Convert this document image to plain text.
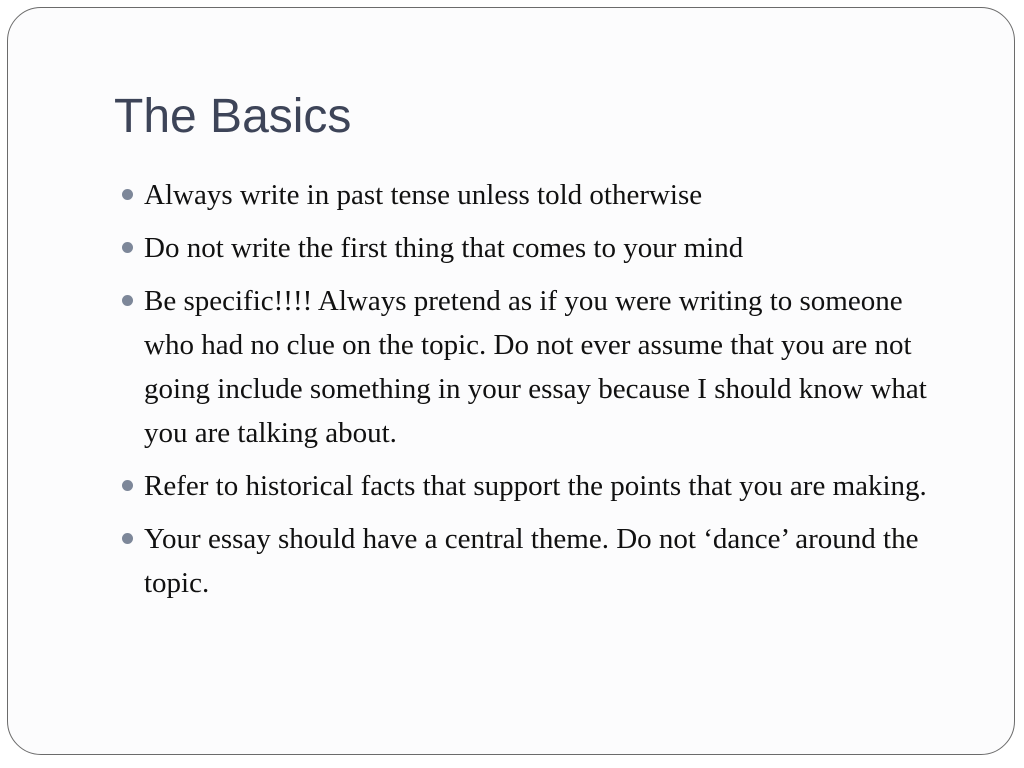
The Basics
Always write in past tense unless told otherwise
Do not write the first thing that comes to your mind
Be specific!!!! Always pretend as if you were writing to someone who had no clue on the topic. Do not ever assume that you are not going include something in your essay because I should know what you are talking about.
Refer to historical facts that support the points that you are making.
Your essay should have a central theme. Do not ‘dance’ around the topic.
